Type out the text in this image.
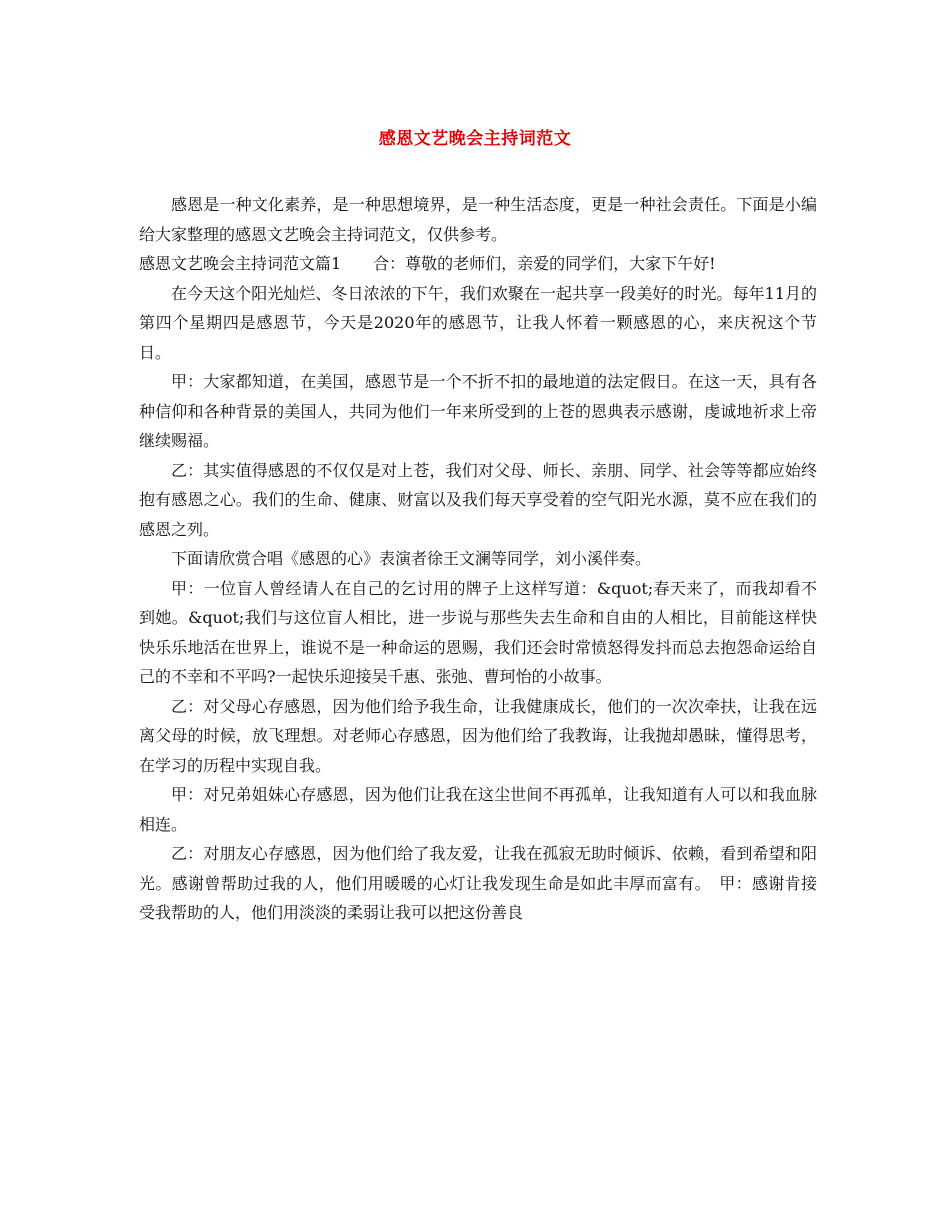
感恩文艺晚会主持词范文

感恩是一种文化素养，是一种思想境界，是一种生活态度，更是一种社会责任。下面是小编给大家整理的感恩文艺晚会主持词范文，仅供参考。

感恩文艺晚会主持词范文篇1　　合：尊敬的老师们，亲爱的同学们，大家下午好!

在今天这个阳光灿烂、冬日浓浓的下午，我们欢聚在一起共享一段美好的时光。每年11月的第四个星期四是感恩节，今天是2020年的感恩节，让我人怀着一颗感恩的心，来庆祝这个节日。

甲：大家都知道，在美国，感恩节是一个不折不扣的最地道的法定假日。在这一天，具有各种信仰和各种背景的美国人，共同为他们一年来所受到的上苍的恩典表示感谢，虔诚地祈求上帝继续赐福。

乙：其实值得感恩的不仅仅是对上苍，我们对父母、师长、亲朋、同学、社会等等都应始终抱有感恩之心。我们的生命、健康、财富以及我们每天享受着的空气阳光水源，莫不应在我们的感恩之列。

下面请欣赏合唱《感恩的心》表演者徐王文澜等同学，刘小溪伴奏。

甲：一位盲人曾经请人在自己的乞讨用的牌子上这样写道：&quot;春天来了，而我却看不到她。&quot;我们与这位盲人相比，进一步说与那些失去生命和自由的人相比，目前能这样快快乐乐地活在世界上，谁说不是一种命运的恩赐，我们还会时常愤怒得发抖而总去抱怨命运给自己的不幸和不平吗?一起快乐迎接吴千惠、张弛、曹珂怡的小故事。

乙：对父母心存感恩，因为他们给予我生命，让我健康成长，他们的一次次牵扶，让我在远离父母的时候，放飞理想。对老师心存感恩，因为他们给了我教诲，让我抛却愚昧，懂得思考，在学习的历程中实现自我。

甲：对兄弟姐妹心存感恩，因为他们让我在这尘世间不再孤单，让我知道有人可以和我血脉相连。

乙：对朋友心存感恩，因为他们给了我友爱，让我在孤寂无助时倾诉、依赖，看到希望和阳光。感谢曾帮助过我的人，他们用暖暖的心灯让我发现生命是如此丰厚而富有。　甲：感谢肯接受我帮助的人，他们用淡淡的柔弱让我可以把这份善良
